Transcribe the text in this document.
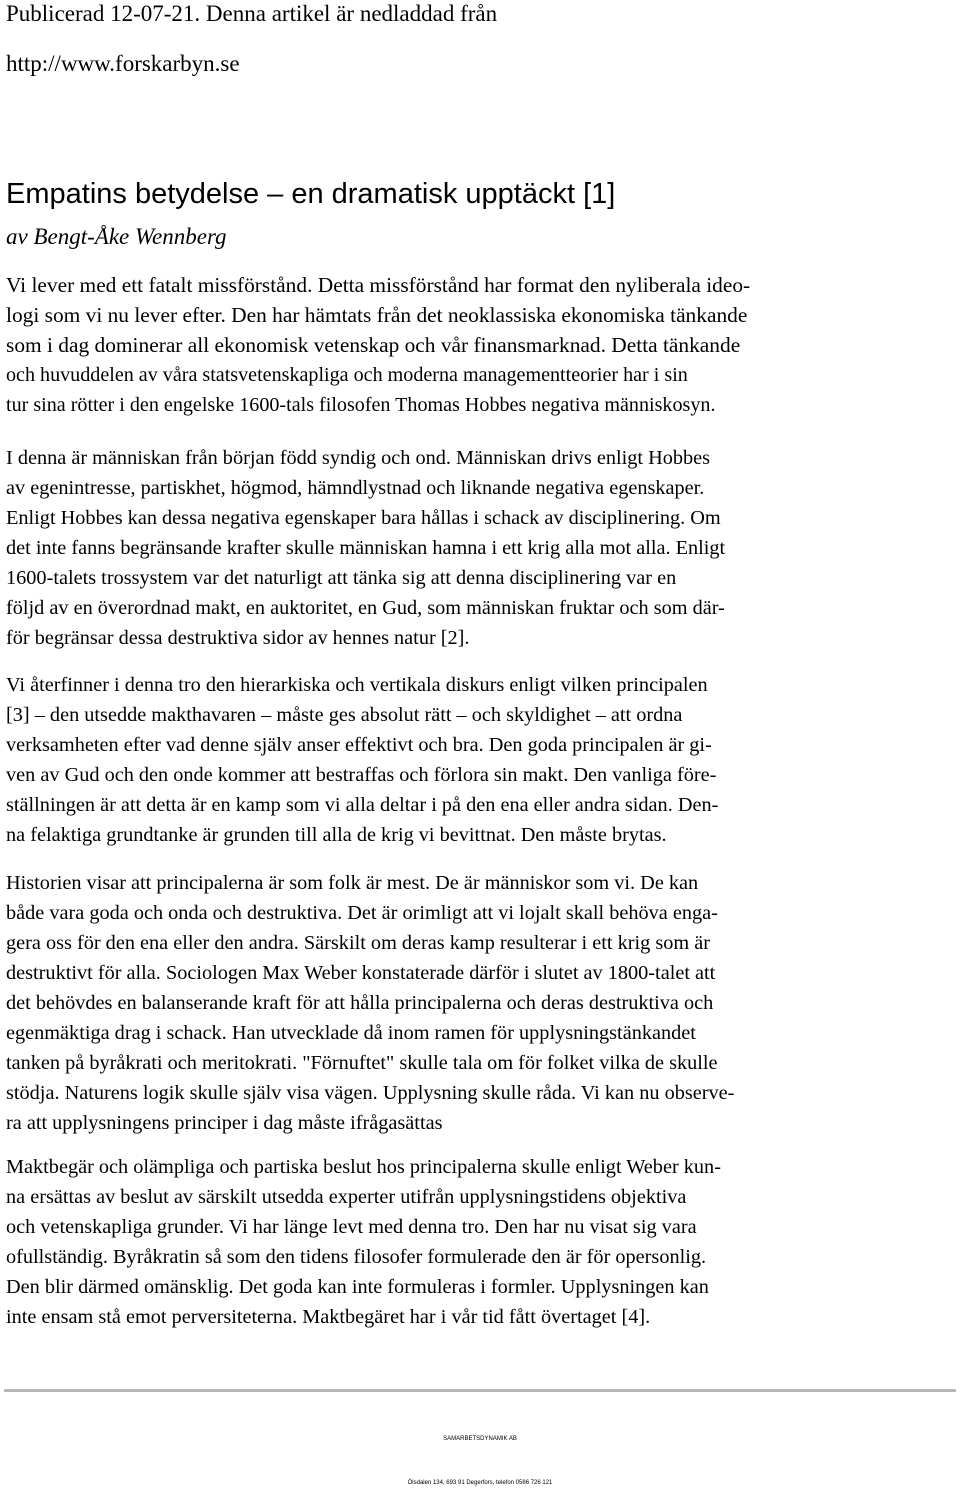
Publicerad 12-07-21. Denna artikel är nedladdad från
http://www.forskarbyn.se
Empatins betydelse – en dramatisk upptäckt [1]
av Bengt-Åke Wennberg
Vi lever med ett fatalt missförstånd. Detta missförstånd har format den nyliberala ideo-
logi som vi nu lever efter. Den har hämtats från det neoklassiska ekonomiska tänkande
som i dag dominerar all ekonomisk vetenskap och vår finansmarknad. Detta tänkande
och huvuddelen av våra statsvetenskapliga och moderna managementteorier har i sin
tur sina rötter i den engelske 1600-tals filosofen Thomas Hobbes negativa människosyn.
I denna är människan från början född syndig och ond. Människan drivs enligt Hobbes
av egenintresse, partiskhet, högmod, hämndlystnad och liknande negativa egenskaper.
Enligt Hobbes kan dessa negativa egenskaper bara hållas i schack av disciplinering. Om
det inte fanns begränsande krafter skulle människan hamna i ett krig alla mot alla. Enligt
1600-talets trossystem var det naturligt att tänka sig att denna disciplinering var en
följd av en överordnad makt, en auktoritet, en Gud, som människan fruktar och som där-
för begränsar dessa destruktiva sidor av hennes natur [2].
Vi återfinner i denna tro den hierarkiska och vertikala diskurs enligt vilken principalen
[3] – den utsedde makthavaren – måste ges absolut rätt – och skyldighet – att ordna
verksamheten efter vad denne själv anser effektivt och bra. Den goda principalen är gi-
ven av Gud och den onde kommer att bestraffas och förlora sin makt. Den vanliga före-
ställningen är att detta är en kamp som vi alla deltar i på den ena eller andra sidan. Den-
na felaktiga grundtanke är grunden till alla de krig vi bevittnat. Den måste brytas.
Historien visar att principalerna är som folk är mest. De är människor som vi. De kan
både vara goda och onda och destruktiva. Det är orimligt att vi lojalt skall behöva enga-
gera oss för den ena eller den andra. Särskilt om deras kamp resulterar i ett krig som är
destruktivt för alla. Sociologen Max Weber konstaterade därför i slutet av 1800-talet att
det behövdes en balanserande kraft för att hålla principalerna och deras destruktiva och
egenmäktiga drag i schack. Han utvecklade då inom ramen för upplysningstänkandet
tanken på byråkrati och meritokrati. "Förnuftet" skulle tala om för folket vilka de skulle
stödja. Naturens logik skulle själv visa vägen. Upplysning skulle råda. Vi kan nu observe-
ra att upplysningens principer i dag måste ifrågasättas
Maktbegär och olämpliga och partiska beslut hos principalerna skulle enligt Weber kun-
na ersättas av beslut av särskilt utsedda experter utifrån upplysningstidens objektiva
och vetenskapliga grunder. Vi har länge levt med denna tro. Den har nu visat sig vara
ofullständig. Byråkratin så som den tidens filosofer formulerade den är för opersonlig.
Den blir därmed omänsklig. Det goda kan inte formuleras i formler. Upplysningen kan
inte ensam stå emot perversiteterna. Maktbegäret har i vår tid fått övertaget [4].
SAMARBETSDYNAMIK AB
Ölsdalen 134, 693 91 Degerfors, telefon 0586 726 121
